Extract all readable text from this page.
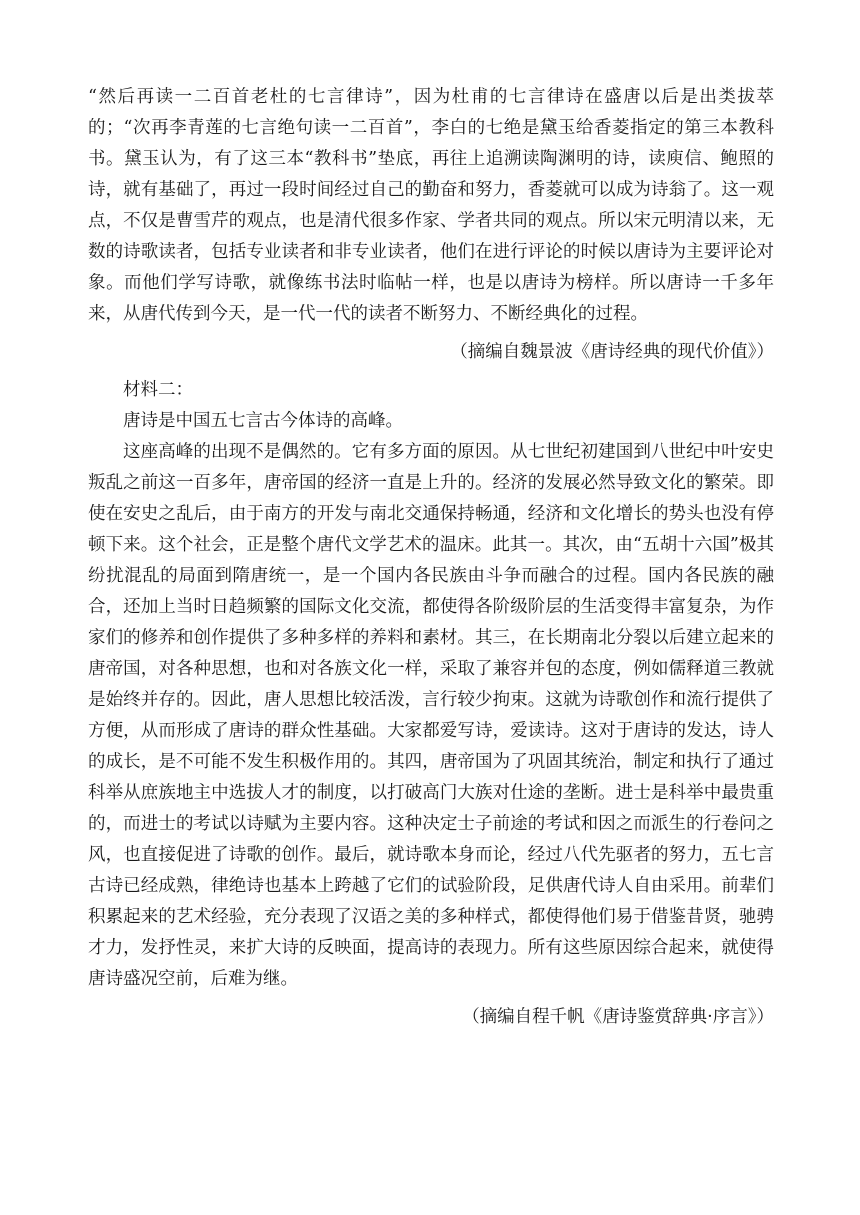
“然后再读一二百首老杜的七言律诗”，因为杜甫的七言律诗在盛唐以后是出类拔萃的；“次再李青莲的七言绝句读一二百首”，李白的七绝是黛玉给香菱指定的第三本教科书。黛玉认为，有了这三本“教科书”垫底，再往上追溯读陶渊明的诗，读庾信、鲍照的诗，就有基础了，再过一段时间经过自己的勤奋和努力，香菱就可以成为诗翁了。这一观点，不仅是曹雪芹的观点，也是清代很多作家、学者共同的观点。所以宋元明清以来，无数的诗歌读者，包括专业读者和非专业读者，他们在进行评论的时候以唐诗为主要评论对象。而他们学写诗歌，就像练书法时临帖一样，也是以唐诗为榜样。所以唐诗一千多年来，从唐代传到今天，是一代一代的读者不断努力、不断经典化的过程。

（摘编自魏景波《唐诗经典的现代价值》）

材料二：

唐诗是中国五七言古今体诗的高峰。

这座高峰的出现不是偶然的。它有多方面的原因。从七世纪初建国到八世纪中叶安史叛乱之前这一百多年，唐帝国的经济一直是上升的。经济的发展必然导致文化的繁荣。即使在安史之乱后，由于南方的开发与南北交通保持畅通，经济和文化增长的势头也没有停顿下来。这个社会，正是整个唐代文学艺术的温床。此其一。其次，由“五胡十六国”极其纷扰混乱的局面到隋唐统一，是一个国内各民族由斗争而融合的过程。国内各民族的融合，还加上当时日趋频繁的国际文化交流，都使得各阶级阶层的生活变得丰富复杂，为作家们的修养和创作提供了多种多样的养料和素材。其三，在长期南北分裂以后建立起来的唐帝国，对各种思想，也和对各族文化一样，采取了兼容并包的态度，例如儒释道三教就是始终并存的。因此，唐人思想比较活泼，言行较少拘束。这就为诗歌创作和流行提供了方便，从而形成了唐诗的群众性基础。大家都爱写诗，爱读诗。这对于唐诗的发达，诗人的成长，是不可能不发生积极作用的。其四，唐帝国为了巩固其统治，制定和执行了通过科举从庶族地主中选拔人才的制度，以打破高门大族对仕途的垄断。进士是科举中最贵重的，而进士的考试以诗赋为主要内容。这种决定士子前途的考试和因之而派生的行卷问之风，也直接促进了诗歌的创作。最后，就诗歌本身而论，经过八代先驱者的努力，五七言古诗已经成熟，律绝诗也基本上跨越了它们的试验阶段，足供唐代诗人自由采用。前辈们积累起来的艺术经验，充分表现了汉语之美的多种样式，都使得他们易于借鉴昔贤，驰骋才力，发抒性灵，来扩大诗的反映面，提高诗的表现力。所有这些原因综合起来，就使得唐诗盛况空前，后难为继。

（摘编自程千帆《唐诗鉴赏辞典·序言》）
